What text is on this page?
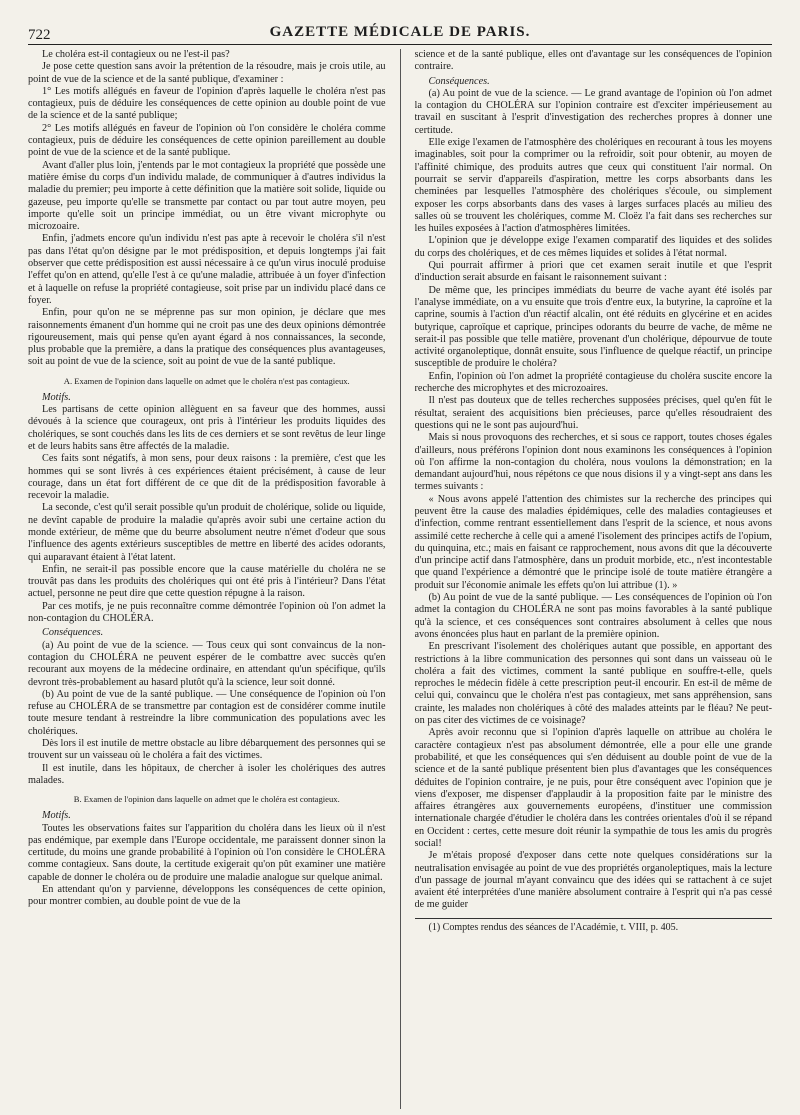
722	GAZETTE MÉDICALE DE PARIS.

Le choléra est-il contagieux ou ne l'est-il pas?

Je pose cette question sans avoir la prétention de la résoudre, mais je crois utile, au point de vue de la science et de la santé publique, d'examiner :

1° Les motifs allégués en faveur de l'opinion d'après laquelle le choléra n'est pas contagieux, puis de déduire les conséquences de cette opinion au double point de vue de la science et de la santé publique;

2° Les motifs allégués en faveur de l'opinion où l'on considère le choléra comme contagieux, puis de déduire les conséquences de cette opinion pareillement au double point de vue de la science et de la santé publique.

Avant d'aller plus loin, j'entends par le mot contagieux la propriété que possède une matière émise du corps d'un individu malade, de communiquer à d'autres individus la maladie du premier; peu importe à cette définition que la matière soit solide, liquide ou gazeuse, peu importe qu'elle se transmette par contact ou par tout autre moyen, peu importe qu'elle soit un principe immédiat, ou un être vivant microphyte ou microzoaire.

Enfin, j'admets encore qu'un individu n'est pas apte à recevoir le choléra s'il n'est pas dans l'état qu'on désigne par le mot prédisposition, et depuis longtemps j'ai fait observer que cette prédisposition est aussi nécessaire à ce qu'un virus inoculé produise l'effet qu'on en attend, qu'elle l'est à ce qu'une maladie, attribuée à un foyer d'infection et à laquelle on refuse la propriété contagieuse, soit prise par un individu placé dans ce foyer.

Enfin, pour qu'on ne se méprenne pas sur mon opinion, je déclare que mes raisonnements émanent d'un homme qui ne croit pas une des deux opinions démontrée rigoureusement, mais qui pense qu'en ayant égard à nos connaissances, la seconde, plus probable que la première, a dans la pratique des conséquences plus avantageuses, soit au point de vue de la science, soit au point de vue de la santé publique.

A. Examen de l'opinion dans laquelle on admet que le choléra n'est pas contagieux.

Motifs.

Les partisans de cette opinion allèguent en sa faveur que des hommes, aussi dévoués à la science que courageux, ont pris à l'intérieur les produits liquides des cholériques, se sont couchés dans les lits de ces derniers et se sont revêtus de leur linge et de leurs habits sans être affectés de la maladie.

Ces faits sont négatifs, à mon sens, pour deux raisons : la première, c'est que les hommes qui se sont livrés à ces expériences étaient précisément, à cause de leur courage, dans un état fort différent de ce que dit de la prédisposition favorable à recevoir la maladie.

La seconde, c'est qu'il serait possible qu'un produit de cholérique, solide ou liquide, ne devînt capable de produire la maladie qu'après avoir subi une certaine action du monde extérieur, de même que du beurre absolument neutre n'émet d'odeur que sous l'influence des agents extérieurs susceptibles de mettre en liberté des acides odorants, qui auparavant étaient à l'état latent.

Enfin, ne serait-il pas possible encore que la cause matérielle du choléra ne se trouvât pas dans les produits des cholériques qui ont été pris à l'intérieur? Dans l'état actuel, personne ne peut dire que cette question répugne à la raison.

Par ces motifs, je ne puis reconnaître comme démontrée l'opinion où l'on admet la non-contagion du CHOLÉRA.

Conséquences.

(a) Au point de vue de la science. — Tous ceux qui sont convaincus de la non-contagion du CHOLÉRA ne peuvent espérer de le combattre avec succès qu'en recourant aux moyens de la médecine ordinaire, en attendant qu'un spécifique, qu'ils devront très-probablement au hasard plutôt qu'à la science, leur soit donné.

(b) Au point de vue de la santé publique. — Une conséquence de l'opinion où l'on refuse au CHOLÉRA de se transmettre par contagion est de considérer comme inutile toute mesure tendant à restreindre la libre communication des populations avec les cholériques.

Dès lors il est inutile de mettre obstacle au libre débarquement des personnes qui se trouvent sur un vaisseau où le choléra a fait des victimes.

Il est inutile, dans les hôpitaux, de chercher à isoler les cholériques des autres malades.

B. Examen de l'opinion dans laquelle on admet que le choléra est contagieux.

Motifs.

Toutes les observations faites sur l'apparition du choléra dans les lieux où il n'est pas endémique, par exemple dans l'Europe occidentale, me paraissent donner sinon la certitude, du moins une grande probabilité à l'opinion où l'on considère le CHOLÉRA comme contagieux. Sans doute, la certitude exigerait qu'on pût examiner une matière capable de donner le choléra ou de produire une maladie analogue sur quelque animal.

En attendant qu'on y parvienne, développons les conséquences de cette opinion, pour montrer combien, au double point de vue de la

science et de la santé publique, elles ont d'avantage sur les conséquences de l'opinion contraire.

Conséquences.

(a) Au point de vue de la science. — Le grand avantage de l'opinion où l'on admet la contagion du CHOLÉRA sur l'opinion contraire est d'exciter impérieusement au travail en suscitant à l'esprit d'investigation des recherches propres à donner une certitude.

Elle exige l'examen de l'atmosphère des cholériques en recourant à tous les moyens imaginables, soit pour la comprimer ou la refroidir, soit pour obtenir, au moyen de l'affinité chimique, des produits autres que ceux qui constituent l'air normal. On pourrait se servir d'appareils d'aspiration, mettre les corps absorbants dans les cheminées par lesquelles l'atmosphère des cholériques s'écoule, ou simplement exposer les corps absorbants dans des vases à larges surfaces placés au milieu des salles où se trouvent les cholériques, comme M. Cloëz l'a fait dans ses recherches sur les huiles exposées à l'action d'atmosphères limitées.

L'opinion que je développe exige l'examen comparatif des liquides et des solides du corps des cholériques, et de ces mêmes liquides et solides à l'état normal.

Qui pourrait affirmer à priori que cet examen serait inutile et que l'esprit d'induction serait absurde en faisant le raisonnement suivant :

De même que, les principes immédiats du beurre de vache ayant été isolés par l'analyse immédiate, on a vu ensuite que trois d'entre eux, la butyrine, la caproïne et la caprine, soumis à l'action d'un réactif alcalin, ont été réduits en glycérine et en acides butyrique, caproïque et caprique, principes odorants du beurre de vache, de même ne serait-il pas possible que telle matière, provenant d'un cholérique, dépourvue de toute activité organoleptique, donnât ensuite, sous l'influence de quelque réactif, un principe susceptible de produire le choléra?

Enfin, l'opinion où l'on admet la propriété contagieuse du choléra suscite encore la recherche des microphytes et des microzoaires.

Il n'est pas douteux que de telles recherches supposées précises, quel qu'en fût le résultat, seraient des acquisitions bien précieuses, parce qu'elles résoudraient des questions qui ne le sont pas aujourd'hui.

Mais si nous provoquons des recherches, et si sous ce rapport, toutes choses égales d'ailleurs, nous préférons l'opinion dont nous examinons les conséquences à l'opinion où l'on affirme la non-contagion du choléra, nous voulons la démonstration; en la demandant aujourd'hui, nous répétons ce que nous disions il y a vingt-sept ans dans les termes suivants :

« Nous avons appelé l'attention des chimistes sur la recherche des principes qui peuvent être la cause des maladies épidémiques, celle des maladies contagieuses et d'infection, comme rentrant essentiellement dans l'esprit de la science, et nous avons assimilé cette recherche à celle qui a amené l'isolement des principes actifs de l'opium, du quinquina, etc.; mais en faisant ce rapprochement, nous avons dit que la découverte d'un principe actif dans l'atmosphère, dans un produit morbide, etc., n'est incontestable que quand l'expérience a démontré que le principe isolé de toute matière étrangère a produit sur l'économie animale les effets qu'on lui attribue (1). »

(b) Au point de vue de la santé publique. — Les conséquences de l'opinion où l'on admet la contagion du CHOLÉRA ne sont pas moins favorables à la santé publique qu'à la science, et ces conséquences sont contraires absolument à celles que nous avons énoncées plus haut en parlant de la première opinion.

En prescrivant l'isolement des cholériques autant que possible, en apportant des restrictions à la libre communication des personnes qui sont dans un vaisseau où le choléra a fait des victimes, comment la santé publique en souffre-t-elle, quels reproches le médecin fidèle à cette prescription peut-il encourir. En est-il de même de celui qui, convaincu que le choléra n'est pas contagieux, met sans appréhension, sans crainte, les malades non cholériques à côté des malades atteints par le fléau? Ne peut-on pas citer des victimes de ce voisinage?

Après avoir reconnu que si l'opinion d'après laquelle on attribue au choléra le caractère contagieux n'est pas absolument démontrée, elle a pour elle une grande probabilité, et que les conséquences qui s'en déduisent au double point de vue de la science et de la santé publique présentent bien plus d'avantages que les conséquences déduites de l'opinion contraire, je ne puis, pour être conséquent avec l'opinion que je viens d'exposer, me dispenser d'applaudir à la proposition faite par le ministre des affaires étrangères aux gouvernements européens, d'instituer une commission internationale chargée d'étudier le choléra dans les contrées orientales d'où il se répand en Occident : certes, cette mesure doit réunir la sympathie de tous les amis du progrès social!

Je m'étais proposé d'exposer dans cette note quelques considérations sur la neutralisation envisagée au point de vue des propriétés organoleptiques, mais la lecture d'un passage de journal m'ayant convaincu que des idées qui se rattachent à ce sujet avaient été interprétées d'une manière absolument contraire à l'esprit qui n'a pas cessé de me guider

(1) Comptes rendus des séances de l'Académie, t. VIII, p. 405.
